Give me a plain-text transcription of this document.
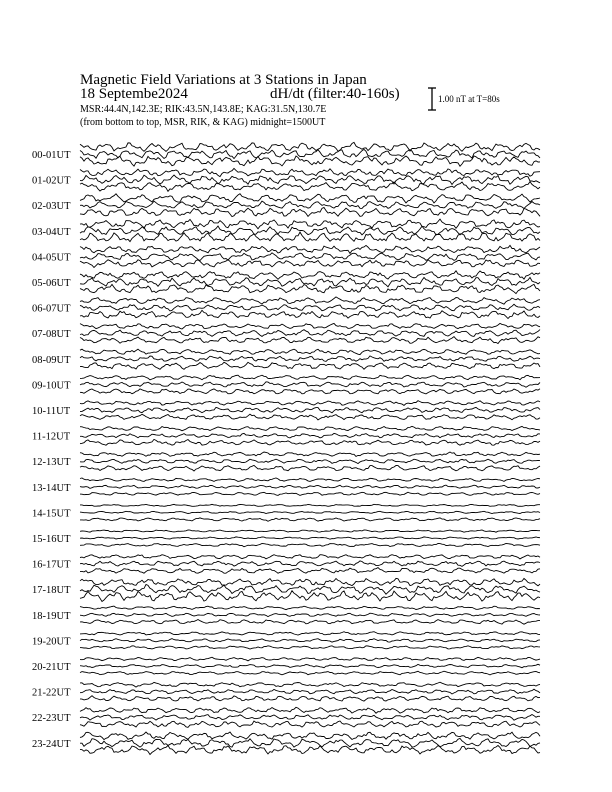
Magnetic Field Variations at 3 Stations in Japan
18 Septembe2024	dH/dt (filter:40-160s)
MSR:44.4N,142.3E; RIK:43.5N,143.8E; KAG:31.5N,130.7E
(from bottom to top, MSR, RIK, & KAG) midnight=1500UT
1.00 nT at T=80s
00-01UT
01-02UT
02-03UT
03-04UT
04-05UT
05-06UT
06-07UT
07-08UT
08-09UT
09-10UT
10-11UT
11-12UT
12-13UT
13-14UT
14-15UT
15-16UT
16-17UT
17-18UT
18-19UT
19-20UT
20-21UT
21-22UT
22-23UT
23-24UT
